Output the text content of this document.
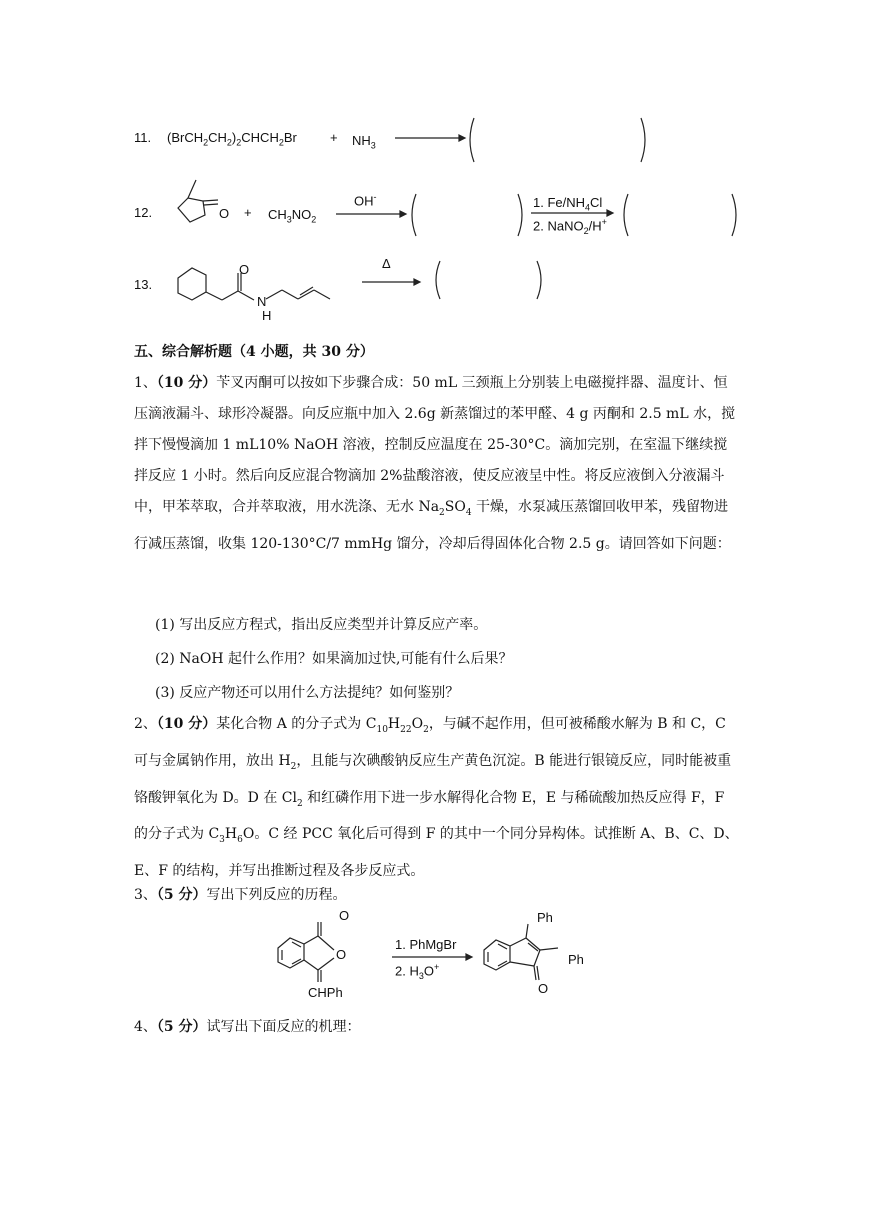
11. $(BrCH_2CH_2)_2CHCH_2Br$	+ $NH_3$
12.	$O + CH_3NO_2$
OH-	1. $Fe/NH_4Cl$
2. NaNO$_2$/H+
13.
O
N
H
Δ
五、综合解析题（4 小题，共 30 分）

1、（10 分）苄叉丙酮可以按如下步骤合成：50 mL 三颈瓶上分别装上电磁搅拌器、温度计、恒压滴液漏斗、球形冷凝器。向反应瓶中加入 2.6g 新蒸馏过的苯甲醛、4 g 丙酮和 2.5 mL 水，搅拌下慢慢滴加 1 mL10% NaOH 溶液，控制反应温度在 25-30°C。滴加完别，在室温下继续搅拌反应 1 小时。然后向反应混合物滴加 2%盐酸溶液，使反应液呈中性。将反应液倒入分液漏斗中，甲苯萃取，合并萃取液，用水洗涤、无水 $Na_2SO_4$ 干燥，水泵减压蒸馏回收甲苯，残留物进行减压蒸馏，收集 120-130°C/7 mmHg 馏分，冷却后得固体化合物 2.5 g。请回答如下问题：

(1) 写出反应方程式，指出反应类型并计算反应产率。
(2) NaOH 起什么作用？如果滴加过快,可能有什么后果？
(3) 反应产物还可以用什么方法提纯？如何鉴别？

2、（10 分）某化合物 A 的分子式为 $C_{10}H_{22}O_2$，与碱不起作用，但可被稀酸水解为 B 和 C，C 可与金属钠作用，放出 $H_2$，且能与次碘酸钠反应生产黄色沉淀。B 能进行银镜反应，同时能被重铬酸钾氧化为 D。D 在 $Cl_2$ 和红磷作用下进一步水解得化合物 E，E 与稀硫酸加热反应得 F，F 的分子式为 $C_3H_6O$。C 经 PCC 氧化后可得到 F 的其中一个同分异构体。试推断 A、B、C、D、E、F 的结构，并写出推断过程及各步反应式。

3、（5 分）写出下列反应的历程。
O
O
CHPh
1. PhMgBr
2. $H_3O^+$
Ph
Ph
O
4、（5 分）试写出下面反应的机理：
